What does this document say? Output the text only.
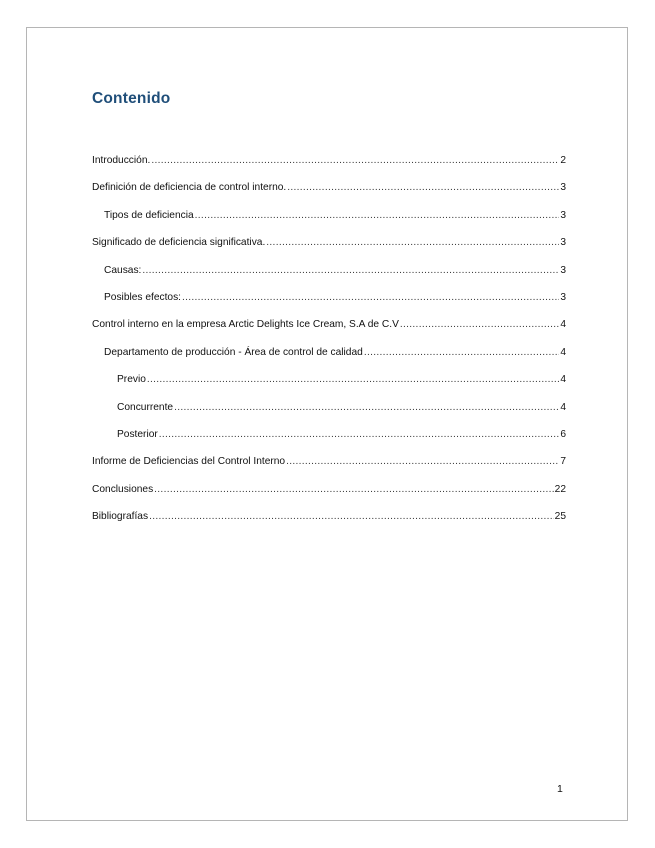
Contenido
Introducción. .....	2
Definición de deficiencia de control interno. .....	3
Tipos de deficiencia .....	3
Significado de deficiencia significativa. .....	3
Causas: .....	3
Posibles efectos: .....	3
Control interno en la empresa Arctic Delights Ice Cream, S.A de C.V .....	4
Departamento de producción - Área de control de calidad .....	4
Previo .....	4
Concurrente .....	4
Posterior .....	6
Informe de Deficiencias del Control Interno .....	7
Conclusiones .....	22
Bibliografías .....	25
1
